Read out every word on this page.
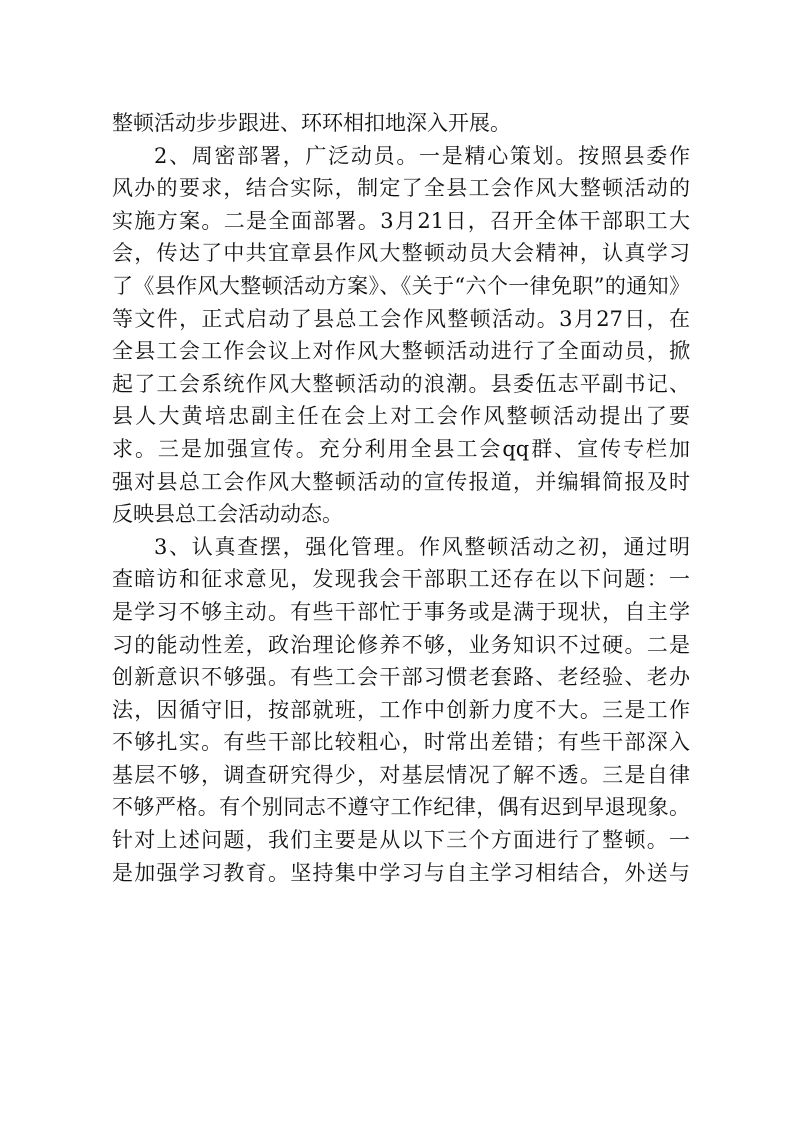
整顿活动步步跟进、环环相扣地深入开展。
2、周密部署，广泛动员。一是精心策划。按照县委作
风办的要求，结合实际，制定了全县工会作风大整顿活动的
实施方案。二是全面部署。3月21日，召开全体干部职工大
会，传达了中共宜章县作风大整顿动员大会精神，认真学习
了《县作风大整顿活动方案》、《关于“六个一律免职”的通知》
等文件，正式启动了县总工会作风整顿活动。3月27日，在
全县工会工作会议上对作风大整顿活动进行了全面动员，掀
起了工会系统作风大整顿活动的浪潮。县委伍志平副书记、
县人大黄培忠副主任在会上对工会作风整顿活动提出了要
求。三是加强宣传。充分利用全县工会qq群、宣传专栏加
强对县总工会作风大整顿活动的宣传报道，并编辑简报及时
反映县总工会活动动态。
3、认真查摆，强化管理。作风整顿活动之初，通过明
查暗访和征求意见，发现我会干部职工还存在以下问题：一
是学习不够主动。有些干部忙于事务或是满于现状，自主学
习的能动性差，政治理论修养不够，业务知识不过硬。二是
创新意识不够强。有些工会干部习惯老套路、老经验、老办
法，因循守旧，按部就班，工作中创新力度不大。三是工作
不够扎实。有些干部比较粗心，时常出差错；有些干部深入
基层不够，调查研究得少，对基层情况了解不透。三是自律
不够严格。有个别同志不遵守工作纪律，偶有迟到早退现象。
针对上述问题，我们主要是从以下三个方面进行了整顿。一
是加强学习教育。坚持集中学习与自主学习相结合，外送与
